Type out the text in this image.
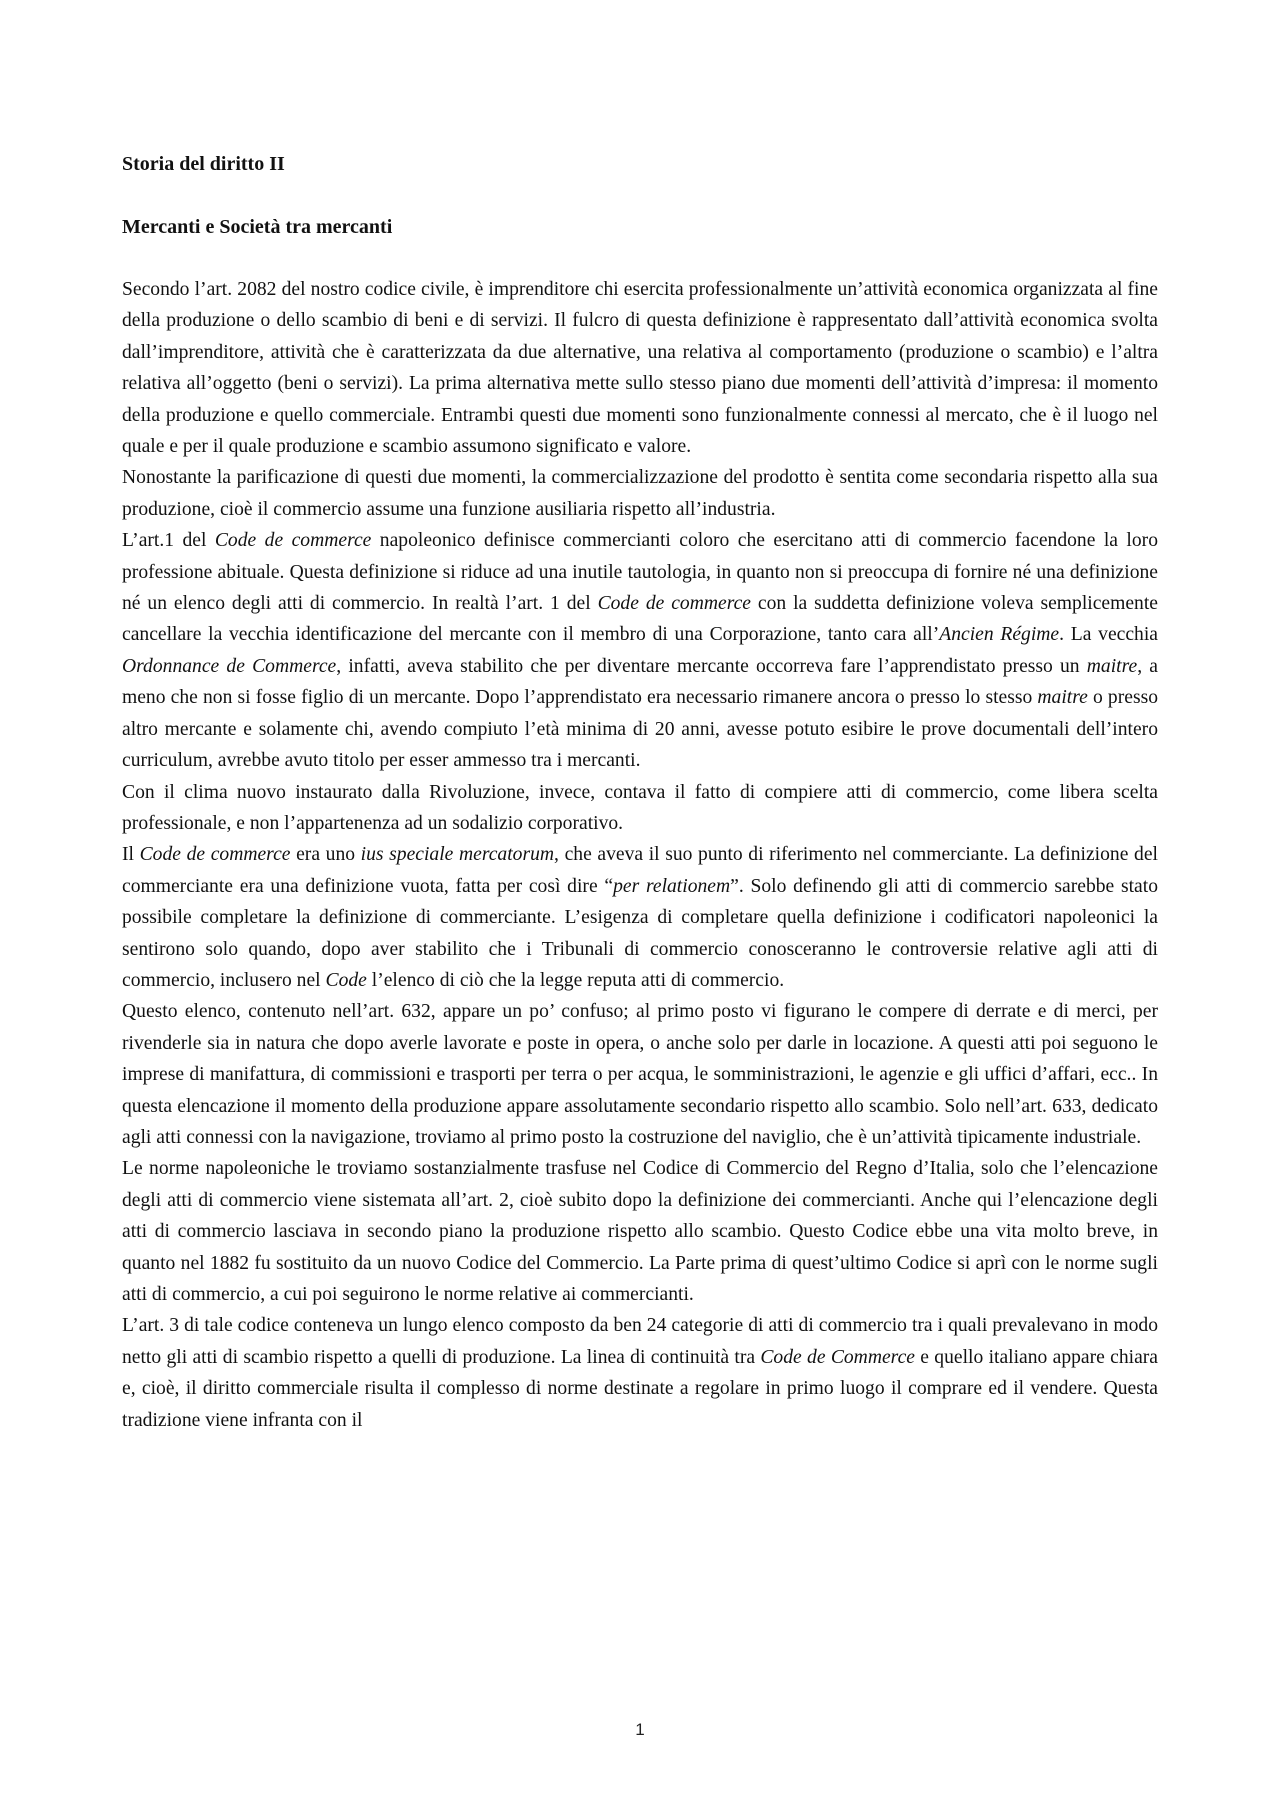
Storia del diritto II
Mercanti e Società tra mercanti

Secondo l’art. 2082 del nostro codice civile, è imprenditore chi esercita professionalmente un’attività economica organizzata al fine della produzione o dello scambio di beni e di servizi. Il fulcro di questa definizione è rappresentato dall’attività economica svolta dall’imprenditore, attività che è caratterizzata da due alternative, una relativa al comportamento (produzione o scambio) e l’altra relativa all’oggetto (beni o servizi). La prima alternativa mette sullo stesso piano due momenti dell’attività d’impresa: il momento della produzione e quello commerciale. Entrambi questi due momenti sono funzionalmente connessi al mercato, che è il luogo nel quale e per il quale produzione e scambio assumono significato e valore.

Nonostante la parificazione di questi due momenti, la commercializzazione del prodotto è sentita come secondaria rispetto alla sua produzione, cioè il commercio assume una funzione ausiliaria rispetto all’industria.

L’art.1 del Code de commerce napoleonico definisce commercianti coloro che esercitano atti di commercio facendone la loro professione abituale. Questa definizione si riduce ad una inutile tautologia, in quanto non si preoccupa di fornire né una definizione né un elenco degli atti di commercio. In realtà l’art. 1 del Code de commerce con la suddetta definizione voleva semplicemente cancellare la vecchia identificazione del mercante con il membro di una Corporazione, tanto cara all’Ancien Régime. La vecchia Ordonnance de Commerce, infatti, aveva stabilito che per diventare mercante occorreva fare l’apprendistato presso un maitre, a meno che non si fosse figlio di un mercante. Dopo l’apprendistato era necessario rimanere ancora o presso lo stesso maitre o presso altro mercante e solamente chi, avendo compiuto l’età minima di 20 anni, avesse potuto esibire le prove documentali dell’intero curriculum, avrebbe avuto titolo per esser ammesso tra i mercanti.

Con il clima nuovo instaurato dalla Rivoluzione, invece, contava il fatto di compiere atti di commercio, come libera scelta professionale, e non l’appartenenza ad un sodalizio corporativo.

Il Code de commerce era uno ius speciale mercatorum, che aveva il suo punto di riferimento nel commerciante. La definizione del commerciante era una definizione vuota, fatta per così dire “per relationem”. Solo definendo gli atti di commercio sarebbe stato possibile completare la definizione di commerciante. L’esigenza di completare quella definizione i codificatori napoleonici la sentirono solo quando, dopo aver stabilito che i Tribunali di commercio conosceranno le controversie relative agli atti di commercio, inclusero nel Code l’elenco di ciò che la legge reputa atti di commercio.

Questo elenco, contenuto nell’art. 632, appare un po’ confuso; al primo posto vi figurano le compere di derrate e di merci, per rivenderle sia in natura che dopo averle lavorate e poste in opera, o anche solo per darle in locazione. A questi atti poi seguono le imprese di manifattura, di commissioni e trasporti per terra o per acqua, le somministrazioni, le agenzie e gli uffici d’affari, ecc.. In questa elencazione il momento della produzione appare assolutamente secondario rispetto allo scambio. Solo nell’art. 633, dedicato agli atti connessi con la navigazione, troviamo al primo posto la costruzione del naviglio, che è un’attività tipicamente industriale.

Le norme napoleoniche le troviamo sostanzialmente trasfuse nel Codice di Commercio del Regno d’Italia, solo che l’elencazione degli atti di commercio viene sistemata all’art. 2, cioè subito dopo la definizione dei commercianti. Anche qui l’elencazione degli atti di commercio lasciava in secondo piano la produzione rispetto allo scambio. Questo Codice ebbe una vita molto breve, in quanto nel 1882 fu sostituito da un nuovo Codice del Commercio. La Parte prima di quest’ultimo Codice si aprì con le norme sugli atti di commercio, a cui poi seguirono le norme relative ai commercianti.

L’art. 3 di tale codice conteneva un lungo elenco composto da ben 24 categorie di atti di commercio tra i quali prevalevano in modo netto gli atti di scambio rispetto a quelli di produzione. La linea di continuità tra Code de Commerce e quello italiano appare chiara e, cioè, il diritto commerciale risulta il complesso di norme destinate a regolare in primo luogo il comprare ed il vendere. Questa tradizione viene infranta con il

1
